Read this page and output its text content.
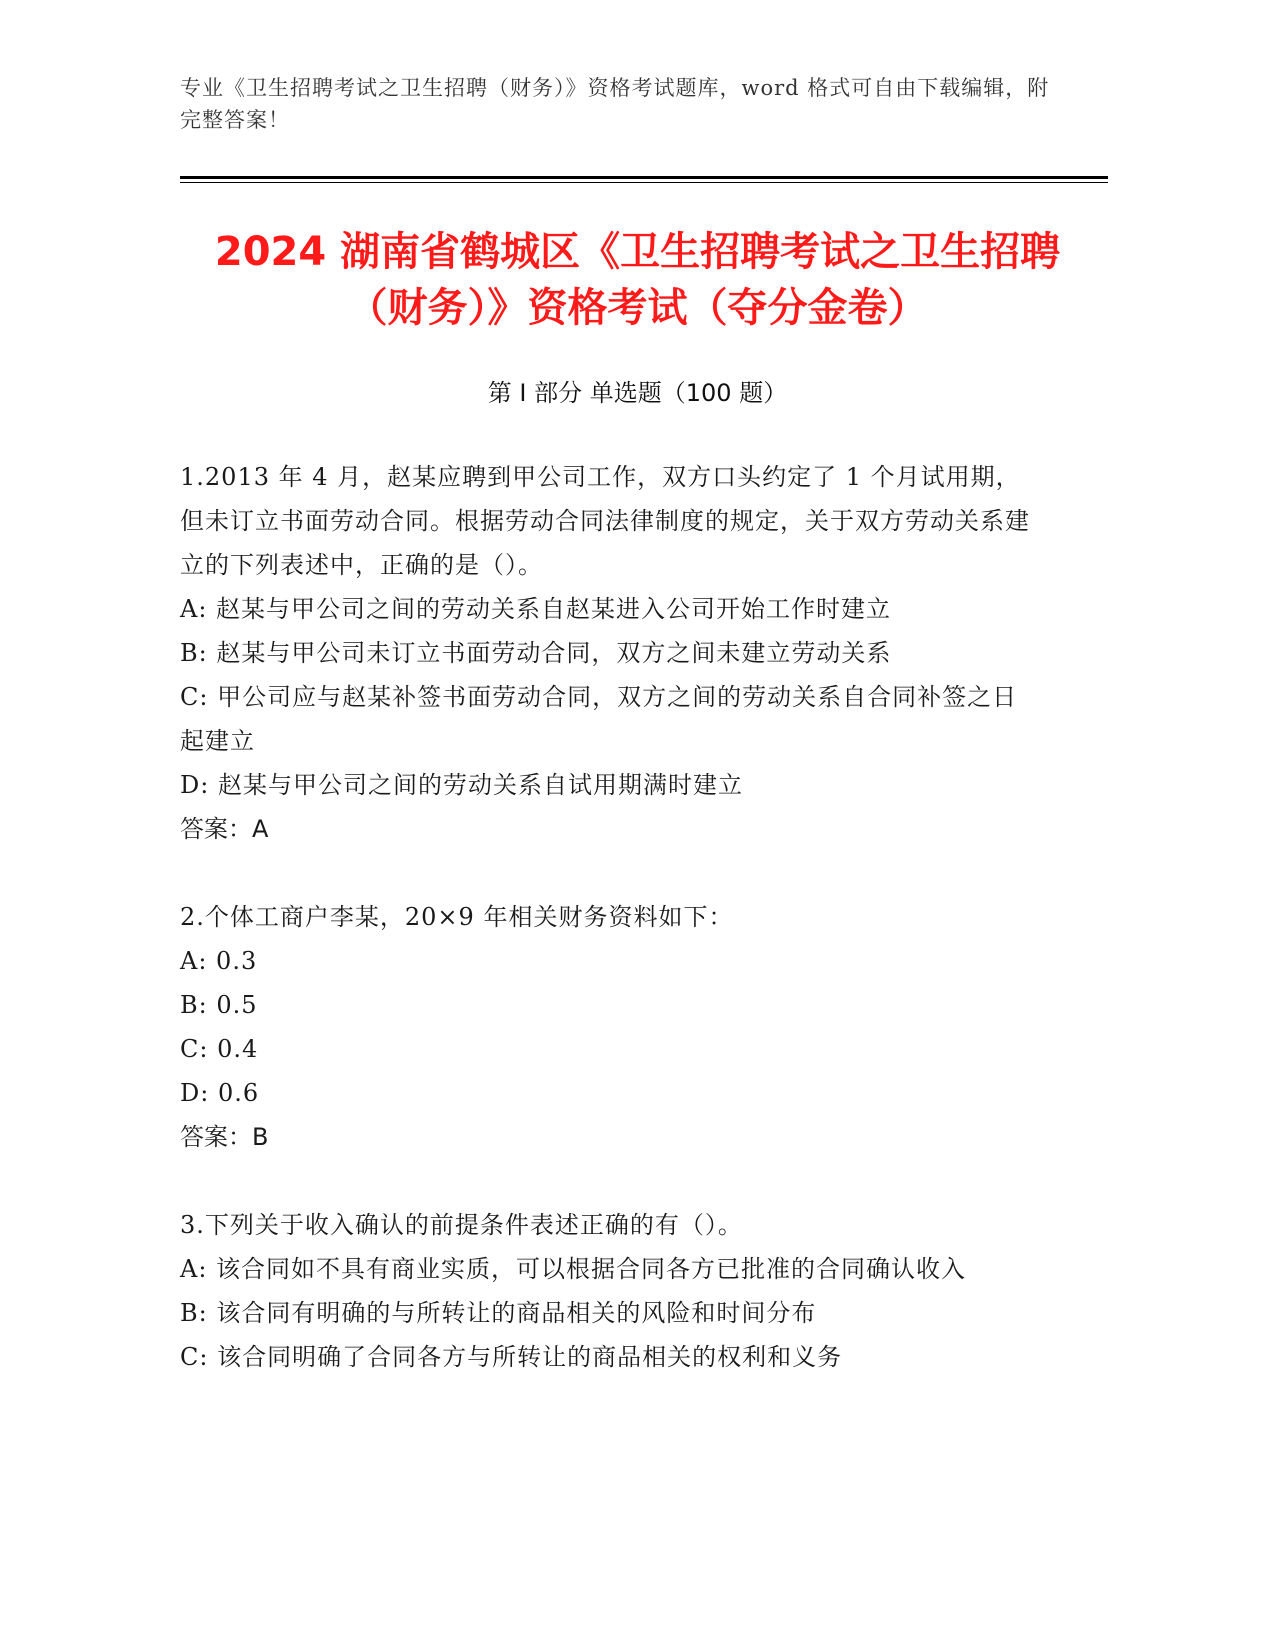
专业《卫生招聘考试之卫生招聘（财务）》资格考试题库，word 格式可自由下载编辑，附完整答案！
2024 湖南省鹤城区《卫生招聘考试之卫生招聘（财务）》资格考试（夺分金卷）
第 I 部分 单选题（100 题）

1.2013 年 4 月，赵某应聘到甲公司工作，双方口头约定了 1 个月试用期，但未订立书面劳动合同。根据劳动合同法律制度的规定，关于双方劳动关系建立的下列表述中，正确的是（）。

A: 赵某与甲公司之间的劳动关系自赵某进入公司开始工作时建立

B: 赵某与甲公司未订立书面劳动合同，双方之间未建立劳动关系

C: 甲公司应与赵某补签书面劳动合同，双方之间的劳动关系自合同补签之日起建立

D: 赵某与甲公司之间的劳动关系自试用期满时建立

答案：A

2.个体工商户李某，20×9 年相关财务资料如下：

A: 0.3

B: 0.5

C: 0.4

D: 0.6

答案：B

3.下列关于收入确认的前提条件表述正确的有（）。

A: 该合同如不具有商业实质，可以根据合同各方已批准的合同确认收入

B: 该合同有明确的与所转让的商品相关的风险和时间分布

C: 该合同明确了合同各方与所转让的商品相关的权利和义务
